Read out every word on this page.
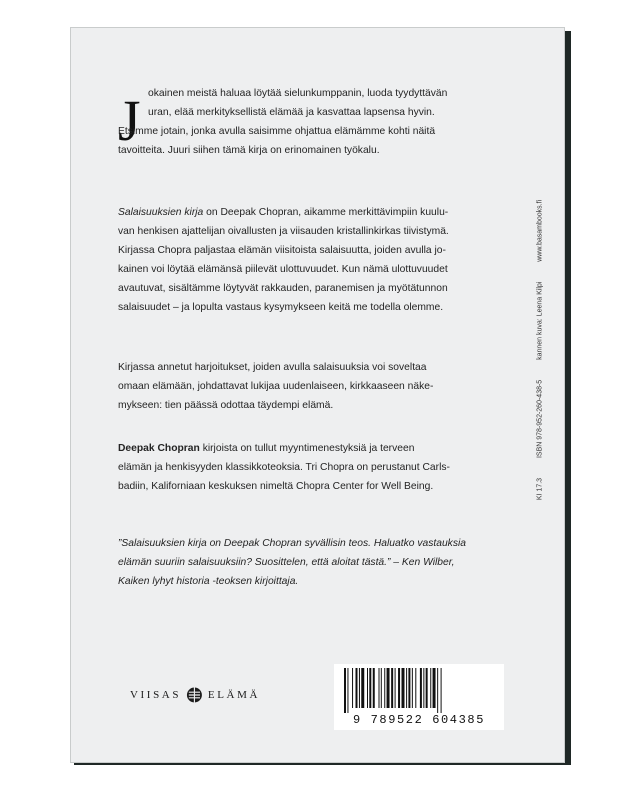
J okainen meistä haluaa löytää sielunkumppanin, luoda tyydyttävän
uran, elää merkityksellistä elämää ja kasvattaa lapsensa hyvin.
Etsimme jotain, jonka avulla saisimme ohjattua elämämme kohti näitä
tavoitteita. Juuri siihen tämä kirja on erinomainen työkalu.
Salaisuuksien kirja on Deepak Chopran, aikamme merkittävimpiin kuulu-
van henkisen ajattelijan oivallusten ja viisauden kristallinkirkas tiivistymä.
Kirjassa Chopra paljastaa elämän viisitoista salaisuutta, joiden avulla jo-
kainen voi löytää elämänsä piilevät ulottuvuudet. Kun nämä ulottuvuudet
avautuvat, sisältämme löytyvät rakkauden, paranemisen ja myötätunnon
salaisuudet – ja lopulta vastaus kysymykseen keitä me todella olemme.
Kirjassa annetut harjoitukset, joiden avulla salaisuuksia voi soveltaa
omaan elämään, johdattavat lukijaa uudenlaiseen, kirkkaaseen näke-
mykseen: tien päässä odottaa täydempi elämä.
Deepak Chopran kirjoista on tullut myyntimenestyksiä ja terveen
elämän ja henkisyyden klassikkoteoksia. Tri Chopra on perustanut Carls-
badiin, Kaliforniaan keskuksen nimeltä Chopra Center for Well Being.
”Salaisuuksien kirja on Deepak Chopran syvällisin teos. Haluatko vastauksia
elämän suuriin salaisuuksiin? Suosittelen, että aloitat tästä.” – Ken Wilber,
Kaiken lyhyt historia -teoksen kirjoittaja.
VIISAS ELÄMÄ
9 789522 604385
KI 17.3  ISBN 978-952-260-438-5  kannen kuva: Leena Kilpi  www.basambooks.fi
